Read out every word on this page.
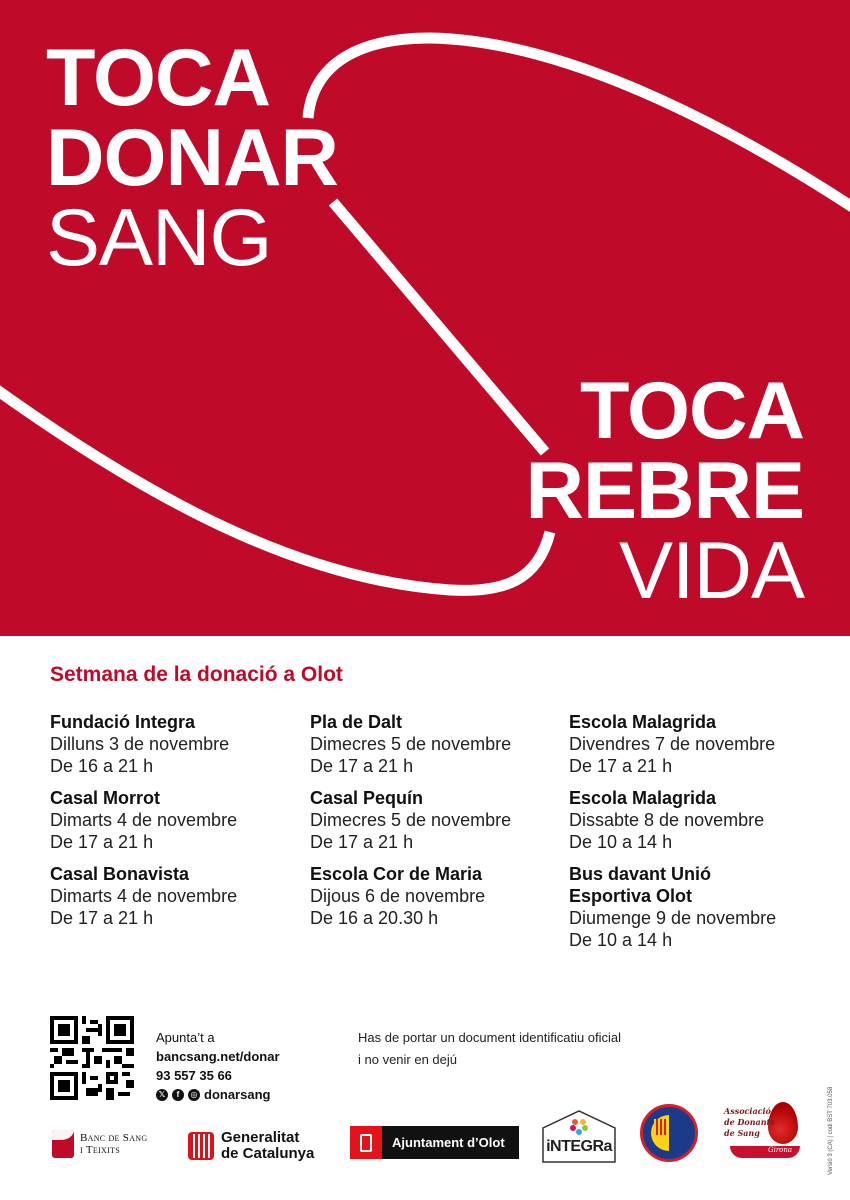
TOCA
DONAR
SANG
TOCA
REBRE
VIDA
Setmana de la donació a Olot
Fundació Integra
Dilluns 3 de novembre
De 16 a 21 h
Casal Morrot
Dimarts 4 de novembre
De 17 a 21 h
Casal Bonavista
Dimarts 4 de novembre
De 17 a 21 h
Pla de Dalt
Dimecres 5 de novembre
De 17 a 21 h
Casal Pequín
Dimecres 5 de novembre
De 17 a 21 h
Escola Cor de Maria
Dijous 6 de novembre
De 16 a 20.30 h
Escola Malagrida
Divendres 7 de novembre
De 17 a 21 h
Escola Malagrida
Dissabte 8 de novembre
De 10 a 14 h
Bus davant Unió
Esportiva Olot
Diumenge 9 de novembre
De 10 a 14 h
Apunta’t a
bancsang.net/donar
93 557 35 66
𝕏	f	◎ donarsang
Has de portar un document identificatiu oficial
i no venir en dejú
Versió 3 (CA) | codi BST 703.058
Banc de Sang
i Teixits
Generalitat
de Catalunya
Ajuntament d’Olot	iNTEGRa
Associació
de Donants
de Sang
Girona
